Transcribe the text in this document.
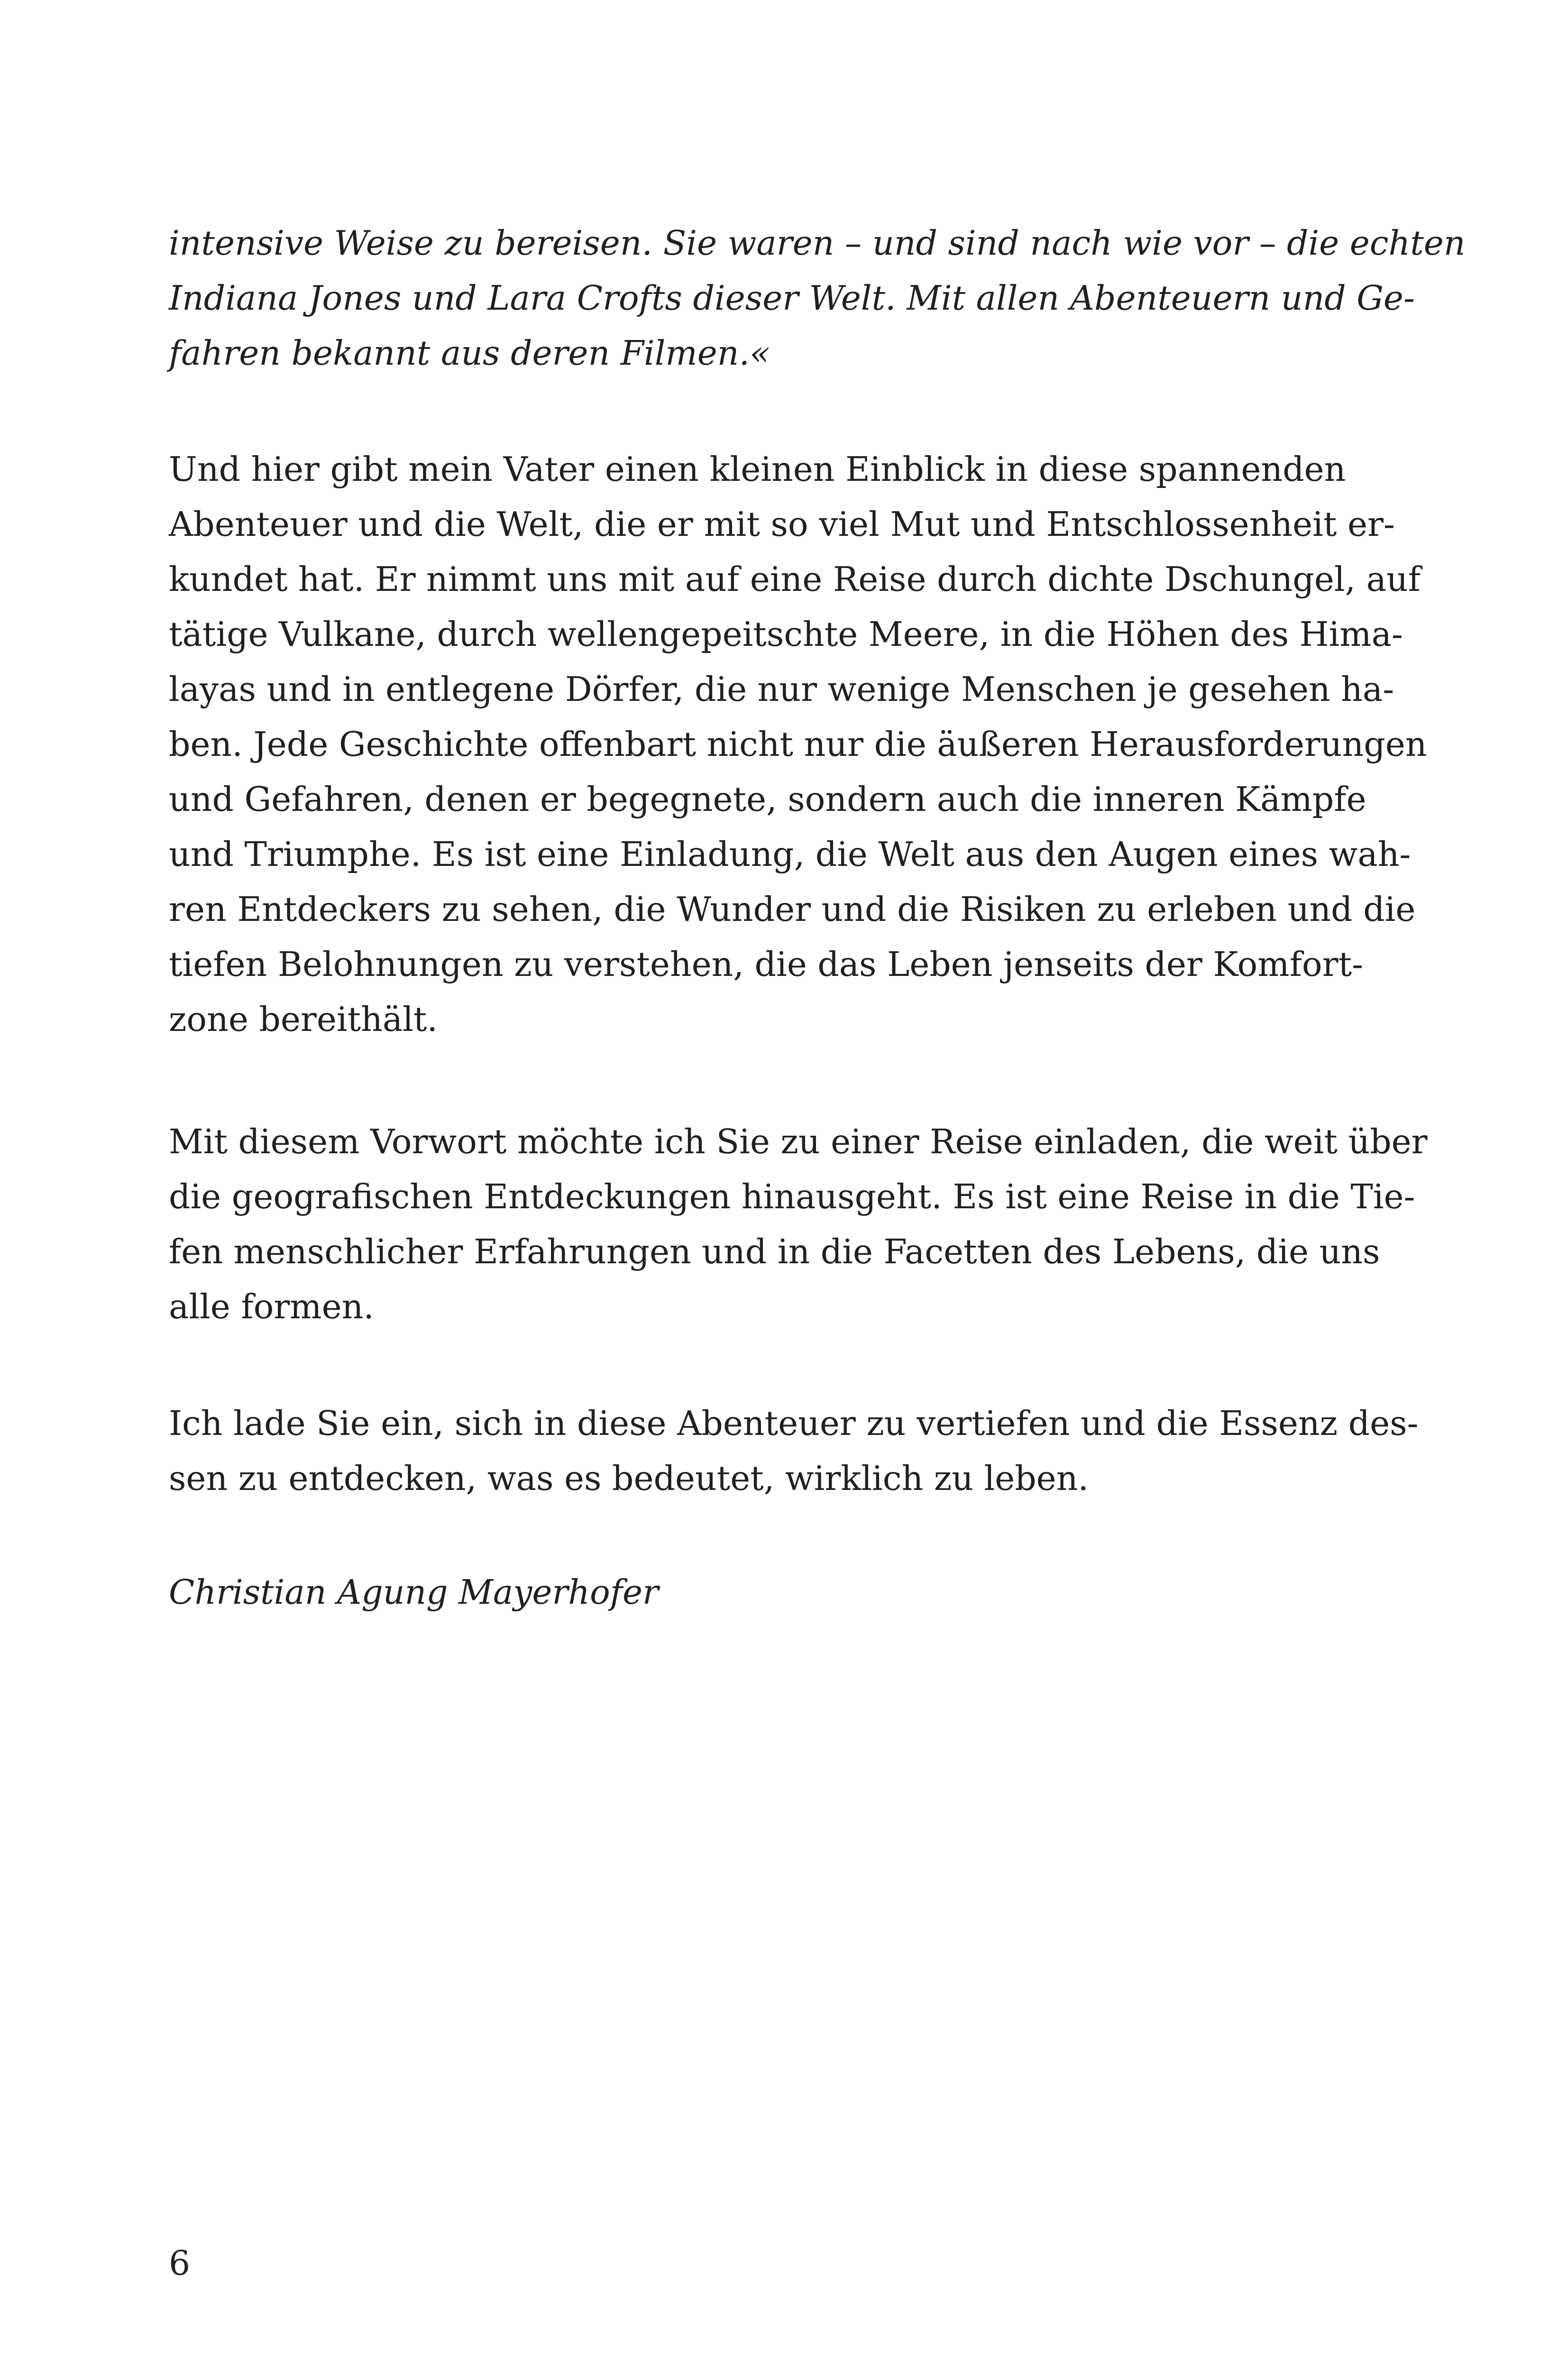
intensive Weise zu bereisen. Sie waren – und sind nach wie vor – die echten
Indiana Jones und Lara Crofts dieser Welt. Mit allen Abenteuern und Ge-
fahren bekannt aus deren Filmen.«
Und hier gibt mein Vater einen kleinen Einblick in diese spannenden
Abenteuer und die Welt, die er mit so viel Mut und Entschlossenheit er-
kundet hat. Er nimmt uns mit auf eine Reise durch dichte Dschungel, auf
tätige Vulkane, durch wellengepeitschte Meere, in die Höhen des Hima-
layas und in entlegene Dörfer, die nur wenige Menschen je gesehen ha-
ben. Jede Geschichte offenbart nicht nur die äußeren Herausforderungen
und Gefahren, denen er begegnete, sondern auch die inneren Kämpfe
und Triumphe. Es ist eine Einladung, die Welt aus den Augen eines wah-
ren Entdeckers zu sehen, die Wunder und die Risiken zu erleben und die
tiefen Belohnungen zu verstehen, die das Leben jenseits der Komfort-
zone bereithält.
Mit diesem Vorwort möchte ich Sie zu einer Reise einladen, die weit über
die geografischen Entdeckungen hinausgeht. Es ist eine Reise in die Tie-
fen menschlicher Erfahrungen und in die Facetten des Lebens, die uns
alle formen.
Ich lade Sie ein, sich in diese Abenteuer zu vertiefen und die Essenz des-
sen zu entdecken, was es bedeutet, wirklich zu leben.
Christian Agung Mayerhofer
6
